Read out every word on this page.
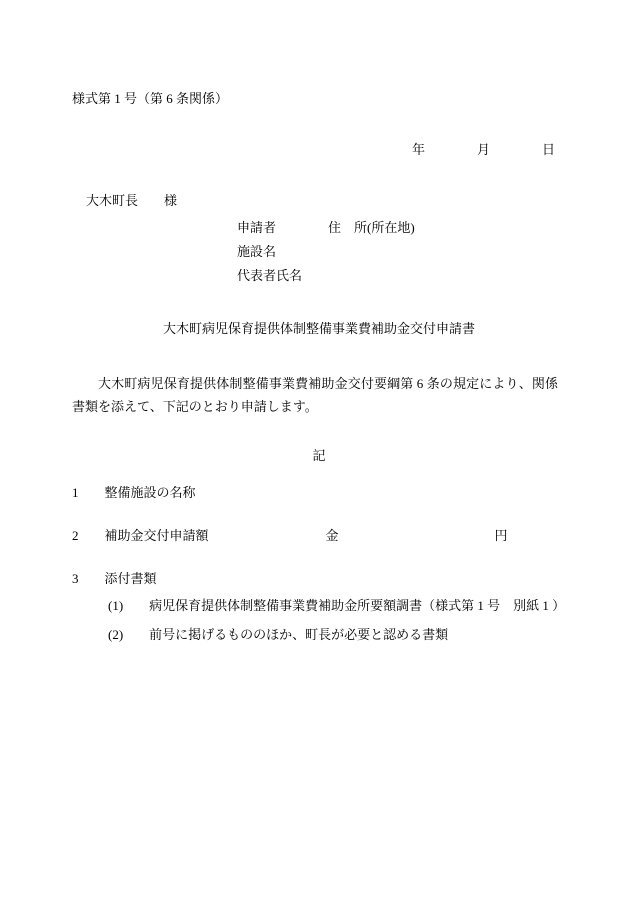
様式第 1 号（第 6 条関係）
年　　　　月　　　　日
大木町長　　様
申請者　　　　住　所(所在地)
施設名
代表者氏名
大木町病児保育提供体制整備事業費補助金交付申請書
大木町病児保育提供体制整備事業費補助金交付要綱第 6 条の規定により、関係書類を添えて、下記のとおり申請します。
記
1　　 整備施設の名称
2　　 補助金交付申請額　　　　　　　　　	金　　　　　　　　　　　　円
3　　 添付書類
(1)　　病児保育提供体制整備事業費補助金所要額調書（様式第 1 号　別紙 1 ）
(2)　　前号に掲げるもののほか、町長が必要と認める書類
